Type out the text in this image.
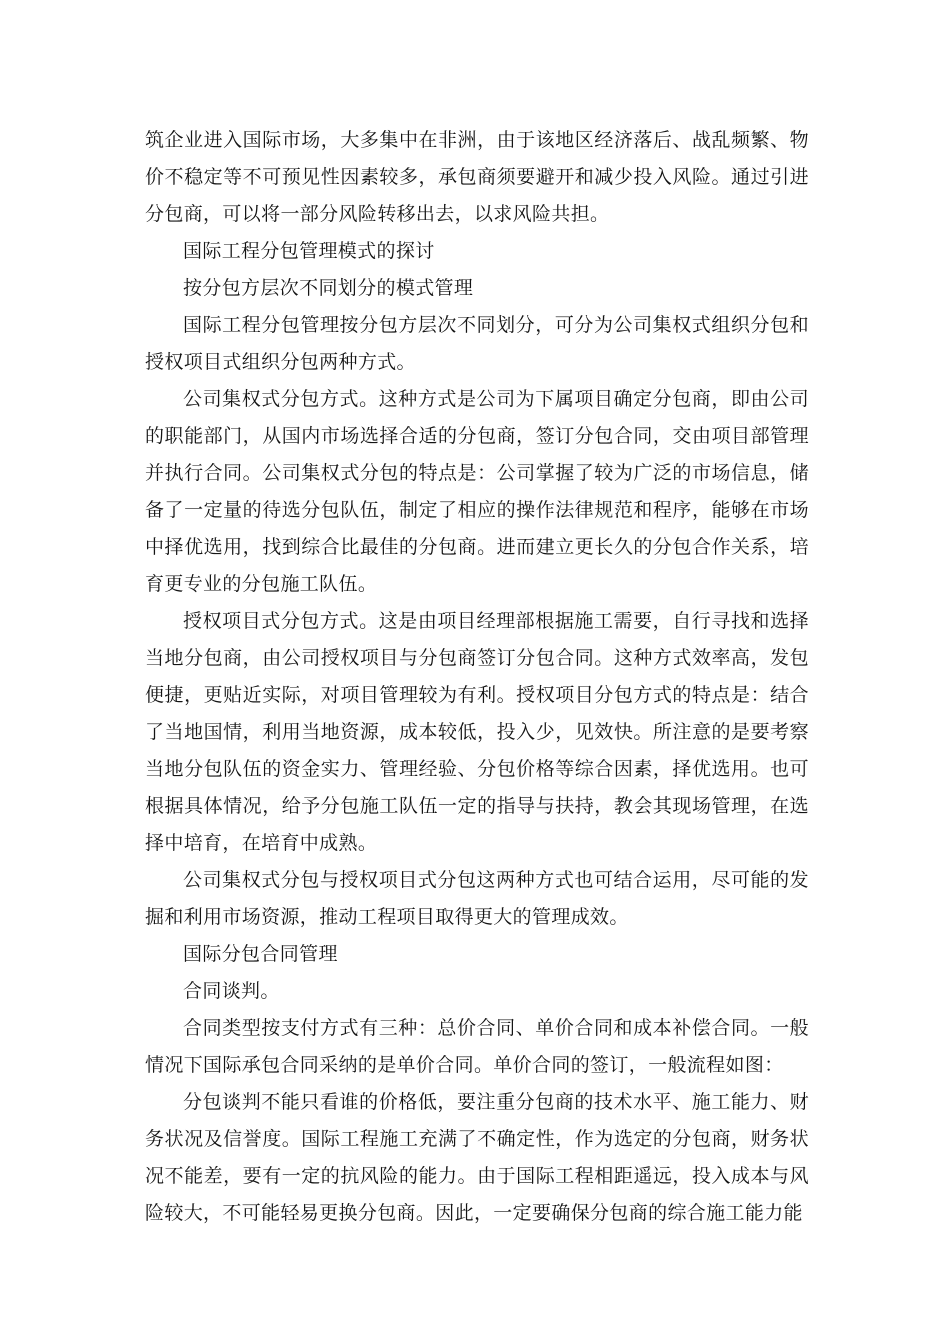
筑企业进入国际市场，大多集中在非洲，由于该地区经济落后、战乱频繁、物价不稳定等不可预见性因素较多，承包商须要避开和减少投入风险。通过引进分包商，可以将一部分风险转移出去，以求风险共担。

国际工程分包管理模式的探讨

按分包方层次不同划分的模式管理

国际工程分包管理按分包方层次不同划分，可分为公司集权式组织分包和授权项目式组织分包两种方式。

公司集权式分包方式。这种方式是公司为下属项目确定分包商，即由公司的职能部门，从国内市场选择合适的分包商，签订分包合同，交由项目部管理并执行合同。公司集权式分包的特点是：公司掌握了较为广泛的市场信息，储备了一定量的待选分包队伍，制定了相应的操作法律规范和程序，能够在市场中择优选用，找到综合比最佳的分包商。进而建立更长久的分包合作关系，培育更专业的分包施工队伍。

授权项目式分包方式。这是由项目经理部根据施工需要，自行寻找和选择当地分包商，由公司授权项目与分包商签订分包合同。这种方式效率高，发包便捷，更贴近实际，对项目管理较为有利。授权项目分包方式的特点是：结合了当地国情，利用当地资源，成本较低，投入少，见效快。所注意的是要考察当地分包队伍的资金实力、管理经验、分包价格等综合因素，择优选用。也可根据具体情况，给予分包施工队伍一定的指导与扶持，教会其现场管理，在选择中培育，在培育中成熟。

公司集权式分包与授权项目式分包这两种方式也可结合运用，尽可能的发掘和利用市场资源，推动工程项目取得更大的管理成效。

国际分包合同管理

合同谈判。

合同类型按支付方式有三种：总价合同、单价合同和成本补偿合同。一般情况下国际承包合同采纳的是单价合同。单价合同的签订，一般流程如图：

分包谈判不能只看谁的价格低，要注重分包商的技术水平、施工能力、财务状况及信誉度。国际工程施工充满了不确定性，作为选定的分包商，财务状况不能差，要有一定的抗风险的能力。由于国际工程相距遥远，投入成本与风险较大，不可能轻易更换分包商。因此，一定要确保分包商的综合施工能力能
